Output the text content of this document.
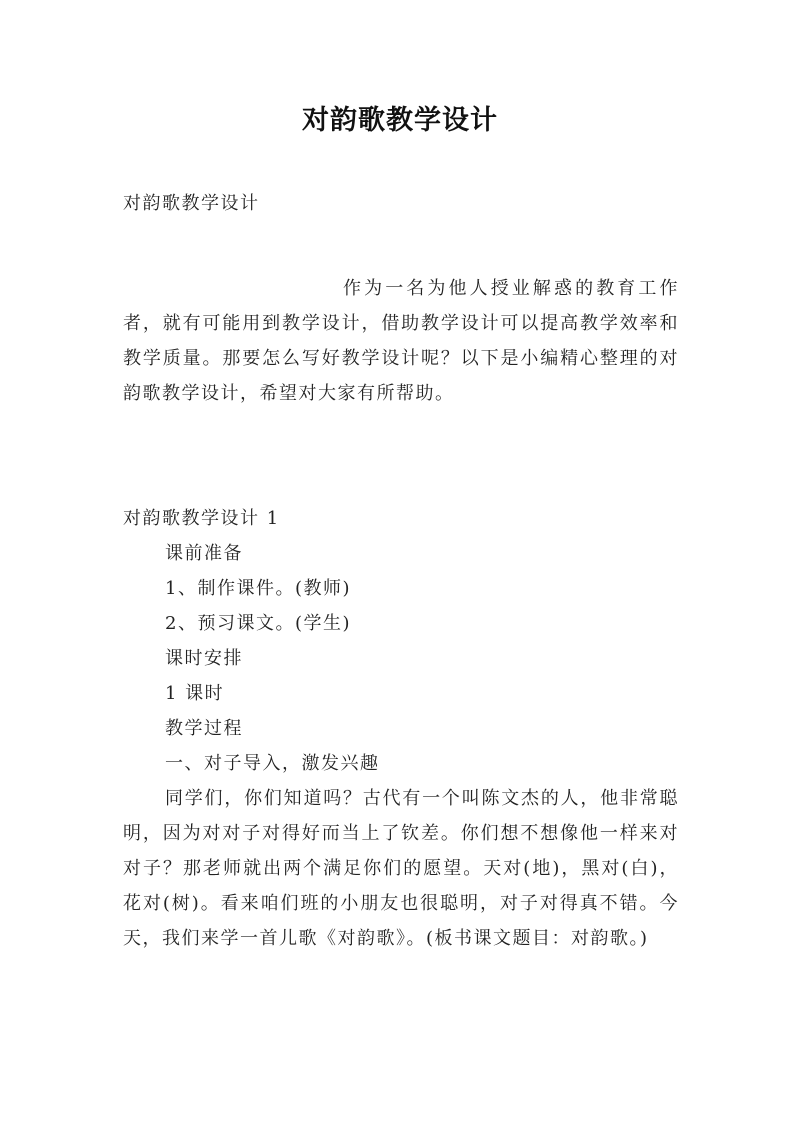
对韵歌教学设计

对韵歌教学设计

作为一名为他人授业解惑的教育工作者，就有可能用到教学设计，借助教学设计可以提高教学效率和教学质量。那要怎么写好教学设计呢？以下是小编精心整理的对韵歌教学设计，希望对大家有所帮助。

对韵歌教学设计 1

课前准备

1、制作课件。(教师)

2、预习课文。(学生)

课时安排

1 课时

教学过程

一、对子导入，激发兴趣

同学们，你们知道吗？古代有一个叫陈文杰的人，他非常聪明，因为对对子对得好而当上了钦差。你们想不想像他一样来对对子？那老师就出两个满足你们的愿望。天对(地)，黑对(白)，花对(树)。看来咱们班的小朋友也很聪明，对子对得真不错。今天，我们来学一首儿歌《对韵歌》。(板书课文题目：对韵歌。)
